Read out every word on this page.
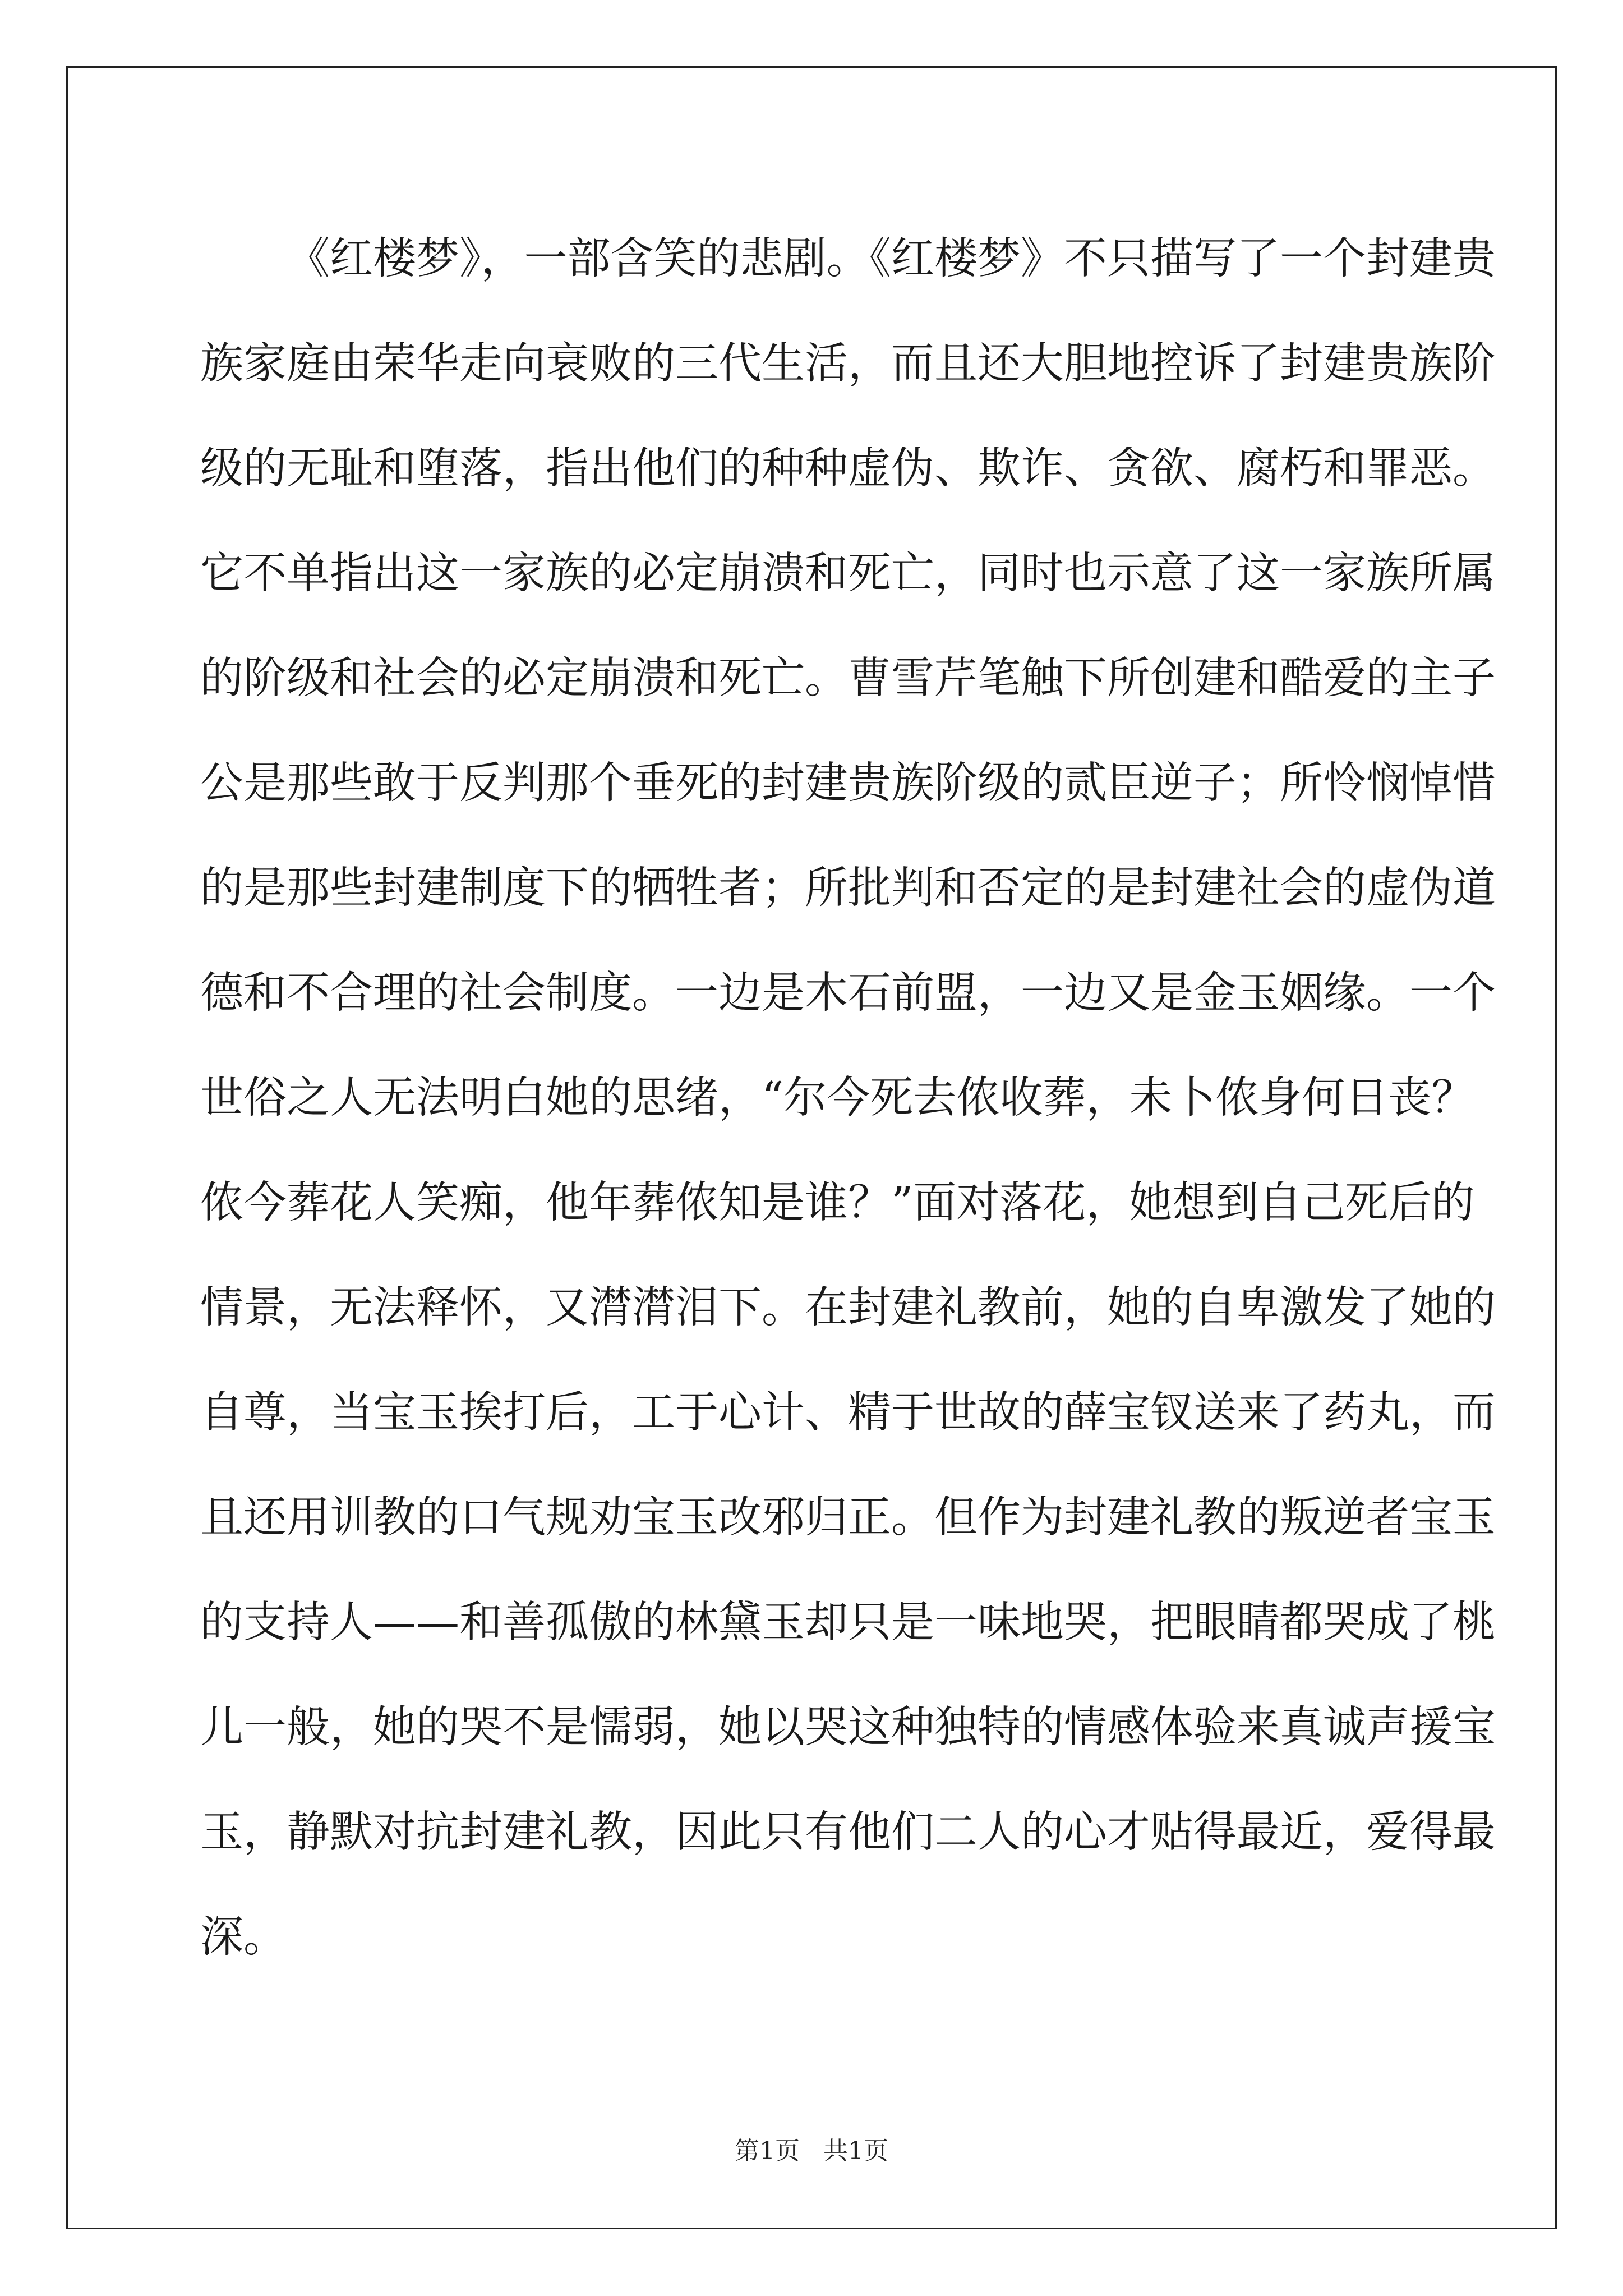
《红楼梦》，一部含笑的悲剧。《红楼梦》不只描写了一个封建贵
族家庭由荣华走向衰败的三代生活，而且还大胆地控诉了封建贵族阶
级的无耻和堕落，指出他们的种种虚伪、欺诈、贪欲、腐朽和罪恶。
它不单指出这一家族的必定崩溃和死亡，同时也示意了这一家族所属
的阶级和社会的必定崩溃和死亡。曹雪芹笔触下所创建和酷爱的主子
公是那些敢于反判那个垂死的封建贵族阶级的贰臣逆子；所怜悯悼惜
的是那些封建制度下的牺牲者；所批判和否定的是封建社会的虚伪道
德和不合理的社会制度。一边是木石前盟，一边又是金玉姻缘。一个
世俗之人无法明白她的思绪，“尔今死去侬收葬，未卜侬身何日丧？
侬今葬花人笑痴，他年葬侬知是谁？”面对落花，她想到自己死后的
情景，无法释怀，又潸潸泪下。在封建礼教前，她的自卑激发了她的
自尊，当宝玉挨打后，工于心计、精于世故的薛宝钗送来了药丸，而
且还用训教的口气规劝宝玉改邪归正。但作为封建礼教的叛逆者宝玉
的支持人——和善孤傲的林黛玉却只是一味地哭，把眼睛都哭成了桃
儿一般，她的哭不是懦弱，她以哭这种独特的情感体验来真诚声援宝
玉，静默对抗封建礼教，因此只有他们二人的心才贴得最近，爱得最
深。
第1页   共1页
